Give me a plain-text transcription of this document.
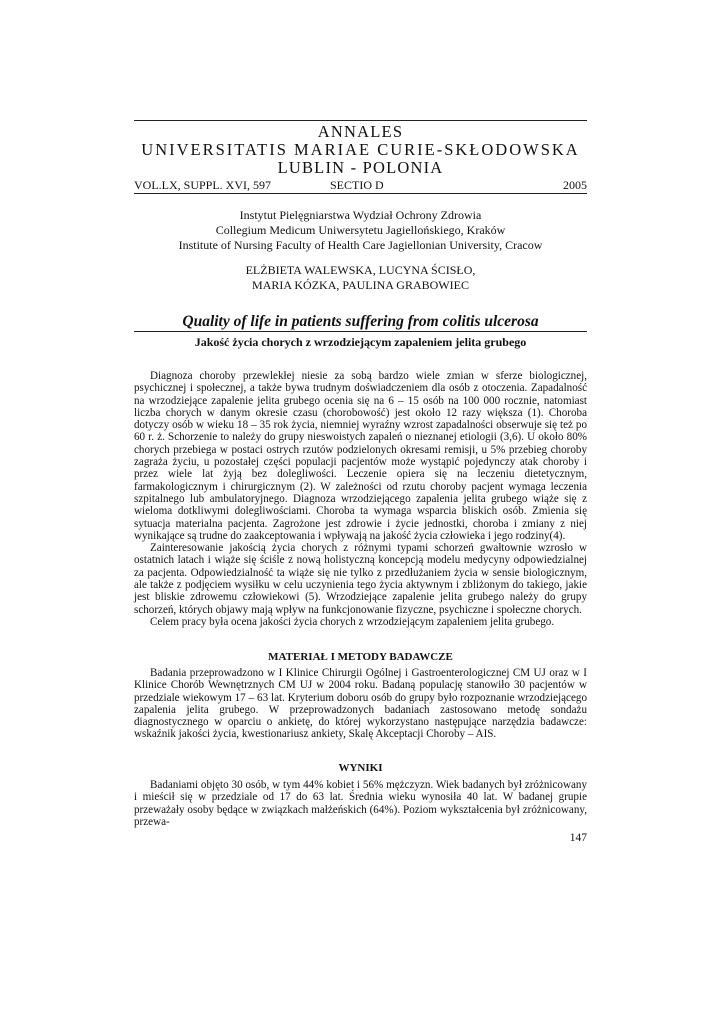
ANNALES
UNIVERSITATIS MARIAE CURIE-SKŁODOWSKA
LUBLIN - POLONIA
VOL.LX, SUPPL. XVI, 597	SECTIO D	2005
Instytut Pielęgniarstwa Wydział Ochrony Zdrowia
Collegium Medicum Uniwersytetu Jagiellońskiego, Kraków
Institute of Nursing Faculty of Health Care Jagiellonian University, Cracow
ELŻBIETA WALEWSKA, LUCYNA ŚCISŁO,
MARIA KÓZKA, PAULINA GRABOWIEC
Quality of life in patients suffering from colitis ulcerosa
Jakość życia chorych z wrzodziejącym zapaleniem jelita grubego

Diagnoza choroby przewlekłej niesie za sobą bardzo wiele zmian w sferze biologicznej, psychicznej i społecznej, a także bywa trudnym doświadczeniem dla osób z otoczenia. Zapadalność na wrzodziejące zapalenie jelita grubego ocenia się na 6 – 15 osób na 100 000 rocznie, natomiast liczba chorych w danym okresie czasu (chorobowość) jest około 12 razy większa (1). Choroba dotyczy osób w wieku 18 – 35 rok życia, niemniej wyraźny wzrost zapadalności obserwuje się też po 60 r. ż. Schorzenie to należy do grupy nieswoistych zapaleń o nieznanej etiologii (3,6). U około 80% chorych przebiega w postaci ostrych rzutów podzielonych okresami remisji, u 5% przebieg choroby zagraża życiu, u pozostałej części populacji pacjentów może wystąpić pojedynczy atak choroby i przez wiele lat żyją bez dolegliwości. Leczenie opiera się na leczeniu dietetycznym, farmakologicznym i chirurgicznym (2). W zależności od rzutu choroby pacjent wymaga leczenia szpitalnego lub ambulatoryjnego. Diagnoza wrzodziejącego zapalenia jelita grubego wiąże się z wieloma dotkliwymi dolegliwościami. Choroba ta wymaga wsparcia bliskich osób. Zmienia się sytuacja materialna pacjenta. Zagrożone jest zdrowie i życie jednostki, choroba i zmiany z niej wynikające są trudne do zaakceptowania i wpływają na jakość życia człowieka i jego rodziny(4).

Zainteresowanie jakością życia chorych z różnymi typami schorzeń gwałtownie wzrosło w ostatnich latach i wiąże się ściśle z nową holistyczną koncepcją modelu medycyny odpowiedzialnej za pacjenta. Odpowiedzialność ta wiąże się nie tylko z przedłużaniem życia w sensie biologicznym, ale także z podjęciem wysiłku w celu uczynienia tego życia aktywnym i zbliżonym do takiego, jakie jest bliskie zdrowemu człowiekowi (5). Wrzodziejące zapalenie jelita grubego należy do grupy schorzeń, których objawy mają wpływ na funkcjonowanie fizyczne, psychiczne i społeczne chorych.

Celem pracy była ocena jakości życia chorych z wrzodziejącym zapaleniem jelita grubego.

MATERIAŁ I METODY BADAWCZE

Badania przeprowadzono w I Klinice Chirurgii Ogólnej i Gastroenterologicznej CM UJ oraz w I Klinice Chorób Wewnętrznych CM UJ w 2004 roku. Badaną populację stanowiło 30 pacjentów w przedziale wiekowym 17 – 63 lat. Kryterium doboru osób do grupy było rozpoznanie wrzodziejącego zapalenia jelita grubego. W przeprowadzonych badaniach zastosowano metodę sondażu diagnostycznego w oparciu o ankietę, do której wykorzystano następujące narzędzia badawcze: wskaźnik jakości życia, kwestionariusz ankiety, Skalę Akceptacji Choroby – AIS.

WYNIKI

Badaniami objęto 30 osób, w tym 44% kobiet i 56% mężczyzn. Wiek badanych był zróżnicowany i mieścił się w przedziale od 17 do 63 lat. Średnia wieku wynosiła 40 lat. W badanej grupie przeważały osoby będące w związkach małżeńskich (64%). Poziom wykształcenia był zróżnicowany, przewa-

147
